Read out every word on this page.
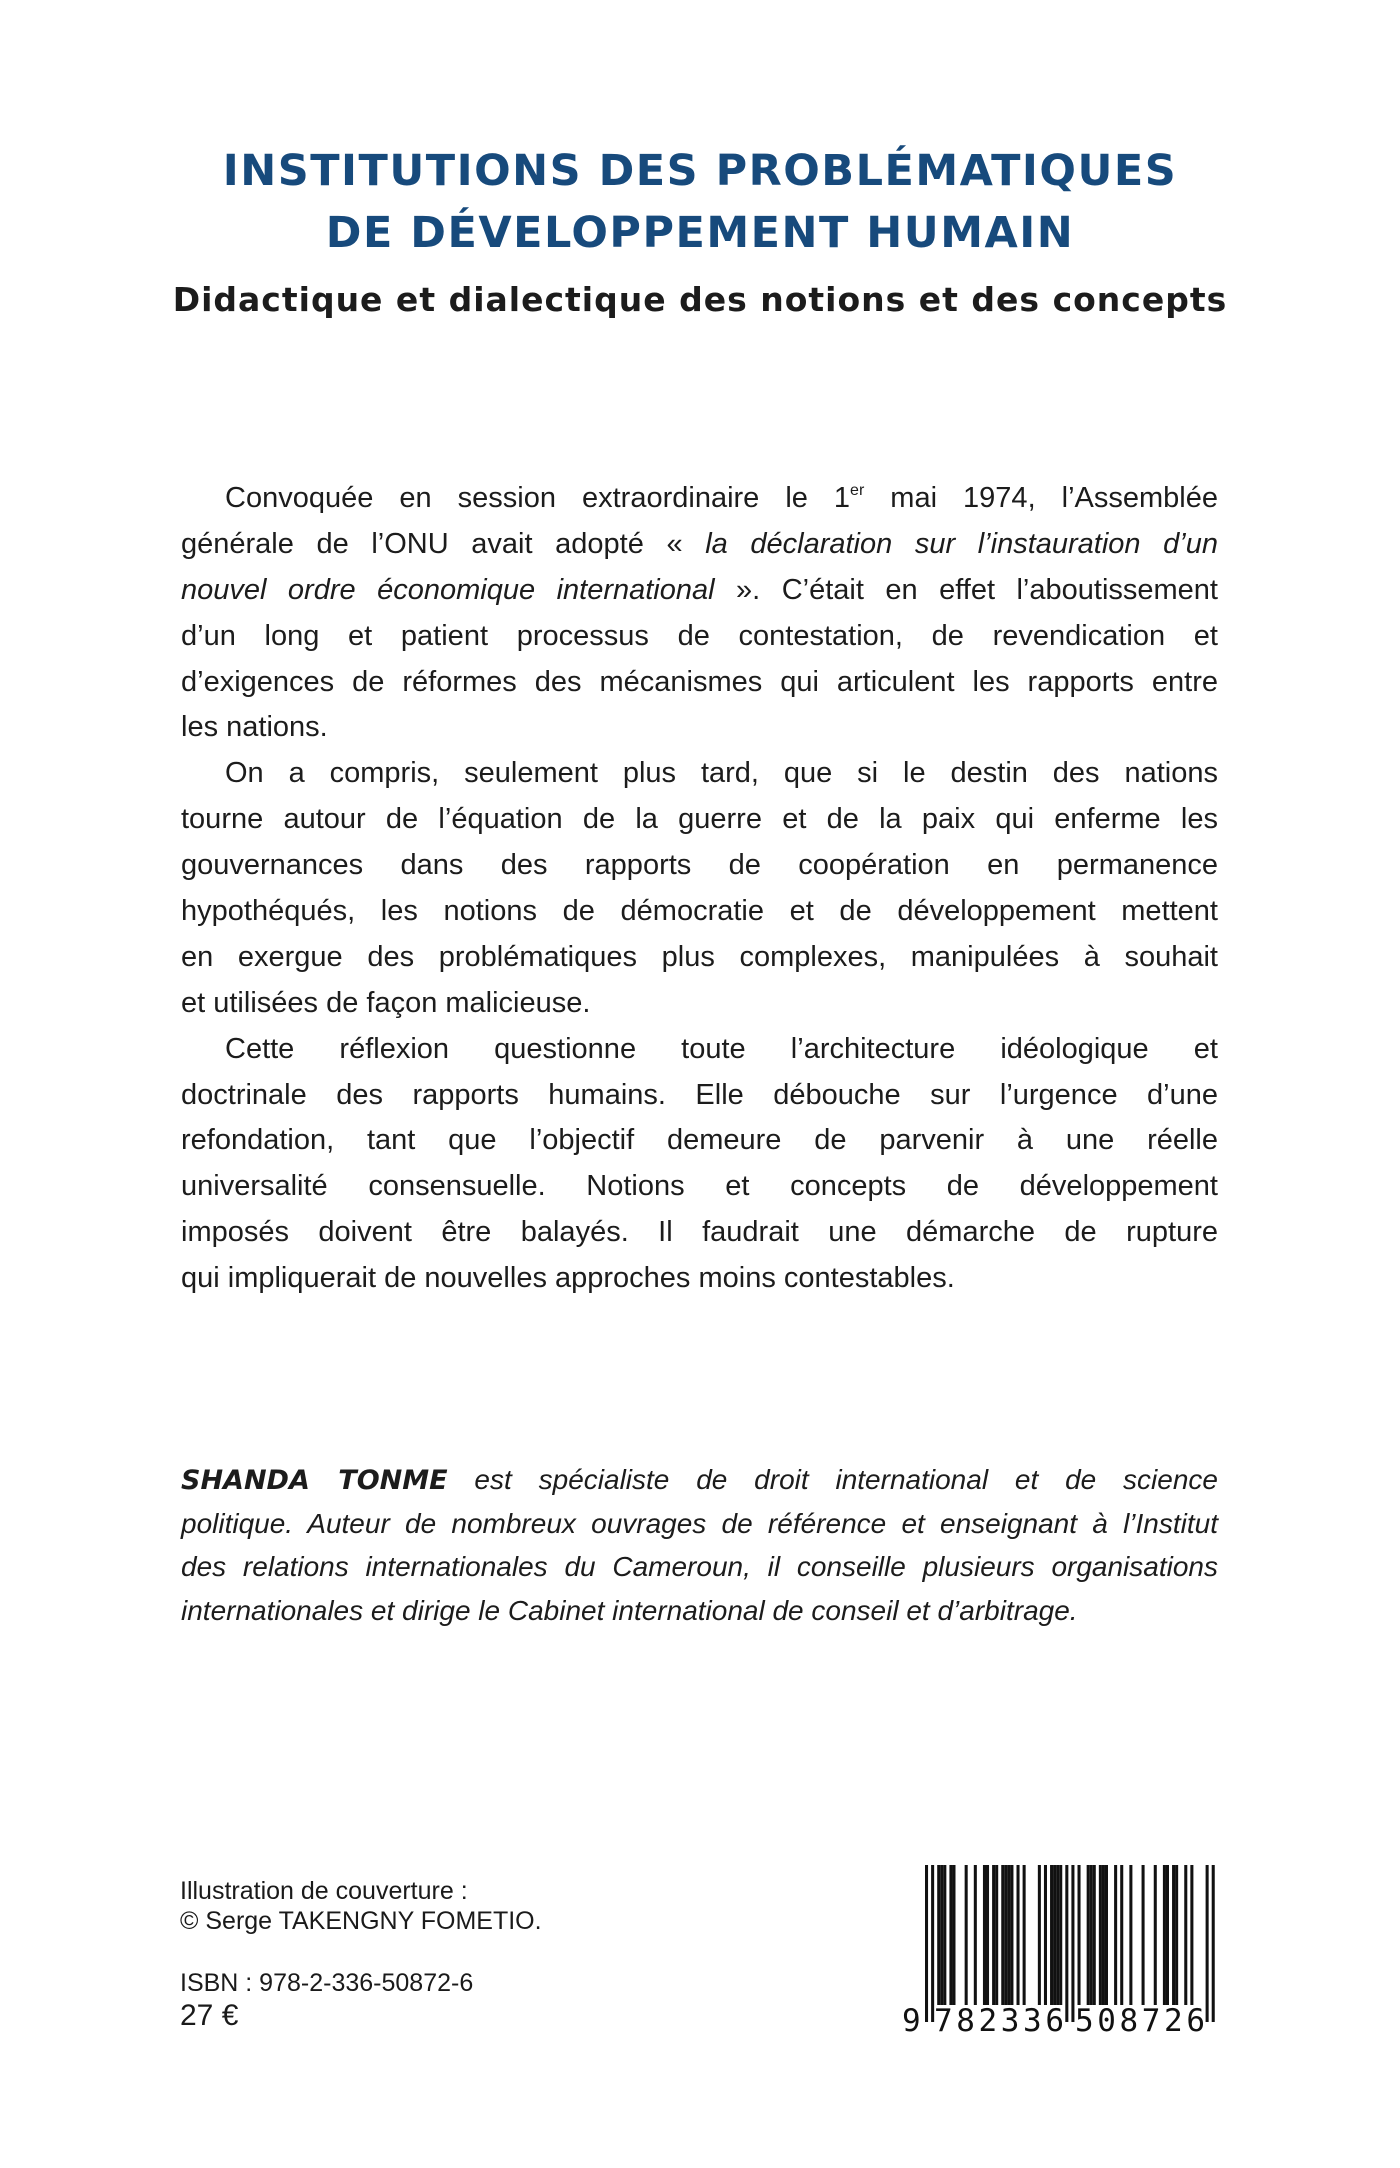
INSTITUTIONS DES PROBLÉMATIQUES
DE DÉVELOPPEMENT HUMAIN
Didactique et dialectique des notions et des concepts
Convoquée en session extraordinaire le 1er mai 1974, l’Assemblée
générale de l’ONU avait adopté « la déclaration sur l’instauration d’un
nouvel ordre économique international ». C’était en effet l’aboutissement
d’un long et patient processus de contestation, de revendication et
d’exigences de réformes des mécanismes qui articulent les rapports entre
les nations.
On a compris, seulement plus tard, que si le destin des nations
tourne autour de l’équation de la guerre et de la paix qui enferme les
gouvernances dans des rapports de coopération en permanence
hypothéqués, les notions de démocratie et de développement mettent
en exergue des problématiques plus complexes, manipulées à souhait
et utilisées de façon malicieuse.
Cette réflexion questionne toute l’architecture idéologique et
doctrinale des rapports humains. Elle débouche sur l’urgence d’une
refondation, tant que l’objectif demeure de parvenir à une réelle
universalité consensuelle. Notions et concepts de développement
imposés doivent être balayés. Il faudrait une démarche de rupture
qui impliquerait de nouvelles approches moins contestables.
SHANDA TONME est spécialiste de droit international et de science
politique. Auteur de nombreux ouvrages de référence et enseignant à l’Institut
des relations internationales du Cameroun, il conseille plusieurs organisations
internationales et dirige le Cabinet international de conseil et d’arbitrage.
Illustration de couverture :
© Serge TAKENGNY FOMETIO.
ISBN : 978-2-336-50872-6
27 €	9 782336 508726
